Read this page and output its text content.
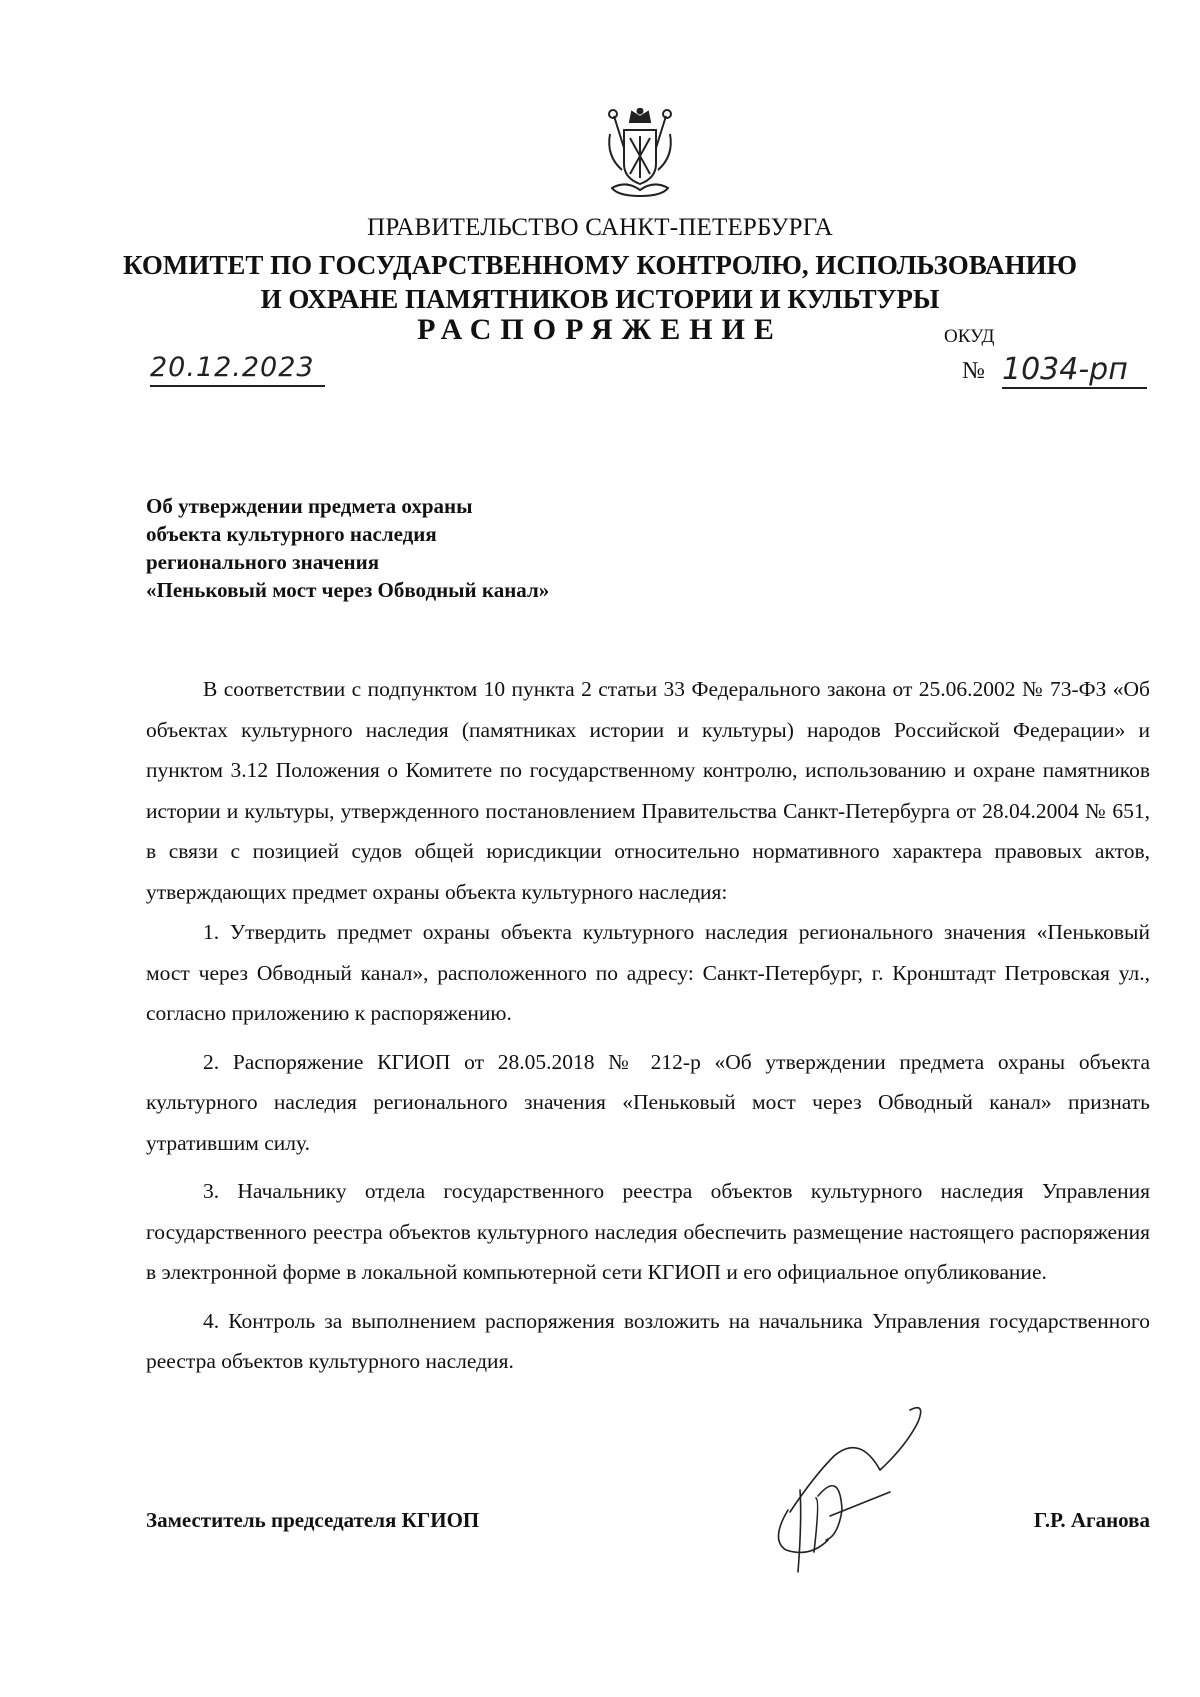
ПРАВИТЕЛЬСТВО САНКТ-ПЕТЕРБУРГА
КОМИТЕТ ПО ГОСУДАРСТВЕННОМУ КОНТРОЛЮ, ИСПОЛЬЗОВАНИЮ
И ОХРАНЕ ПАМЯТНИКОВ ИСТОРИИ И КУЛЬТУРЫ
РАСПОРЯЖЕНИЕ	ОКУД
20.12.2023	№ 1034-рп
Об утверждении предмета охраны
объекта культурного наследия
регионального значения
«Пеньковый мост через Обводный канал»

В соответствии с подпунктом 10 пункта 2 статьи 33 Федерального закона от 25.06.2002 № 73-ФЗ «Об объектах культурного наследия (памятниках истории и культуры) народов Российской Федерации» и пунктом 3.12 Положения о Комитете по государственному контролю, использованию и охране памятников истории и культуры, утвержденного постановлением Правительства Санкт-Петербурга от 28.04.2004 № 651, в связи с позицией судов общей юрисдикции относительно нормативного характера правовых актов, утверждающих предмет охраны объекта культурного наследия:

1. Утвердить предмет охраны объекта культурного наследия регионального значения «Пеньковый мост через Обводный канал», расположенного по адресу: Санкт-Петербург, г. Кронштадт Петровская ул., согласно приложению к распоряжению.

2. Распоряжение КГИОП от 28.05.2018 № 212-р «Об утверждении предмета охраны объекта культурного наследия регионального значения «Пеньковый мост через Обводный канал» признать утратившим силу.

3. Начальнику отдела государственного реестра объектов культурного наследия Управления государственного реестра объектов культурного наследия обеспечить размещение настоящего распоряжения в электронной форме в локальной компьютерной сети КГИОП и его официальное опубликование.

4. Контроль за выполнением распоряжения возложить на начальника Управления государственного реестра объектов культурного наследия.

Заместитель председателя КГИОП	Г.Р. Аганова
